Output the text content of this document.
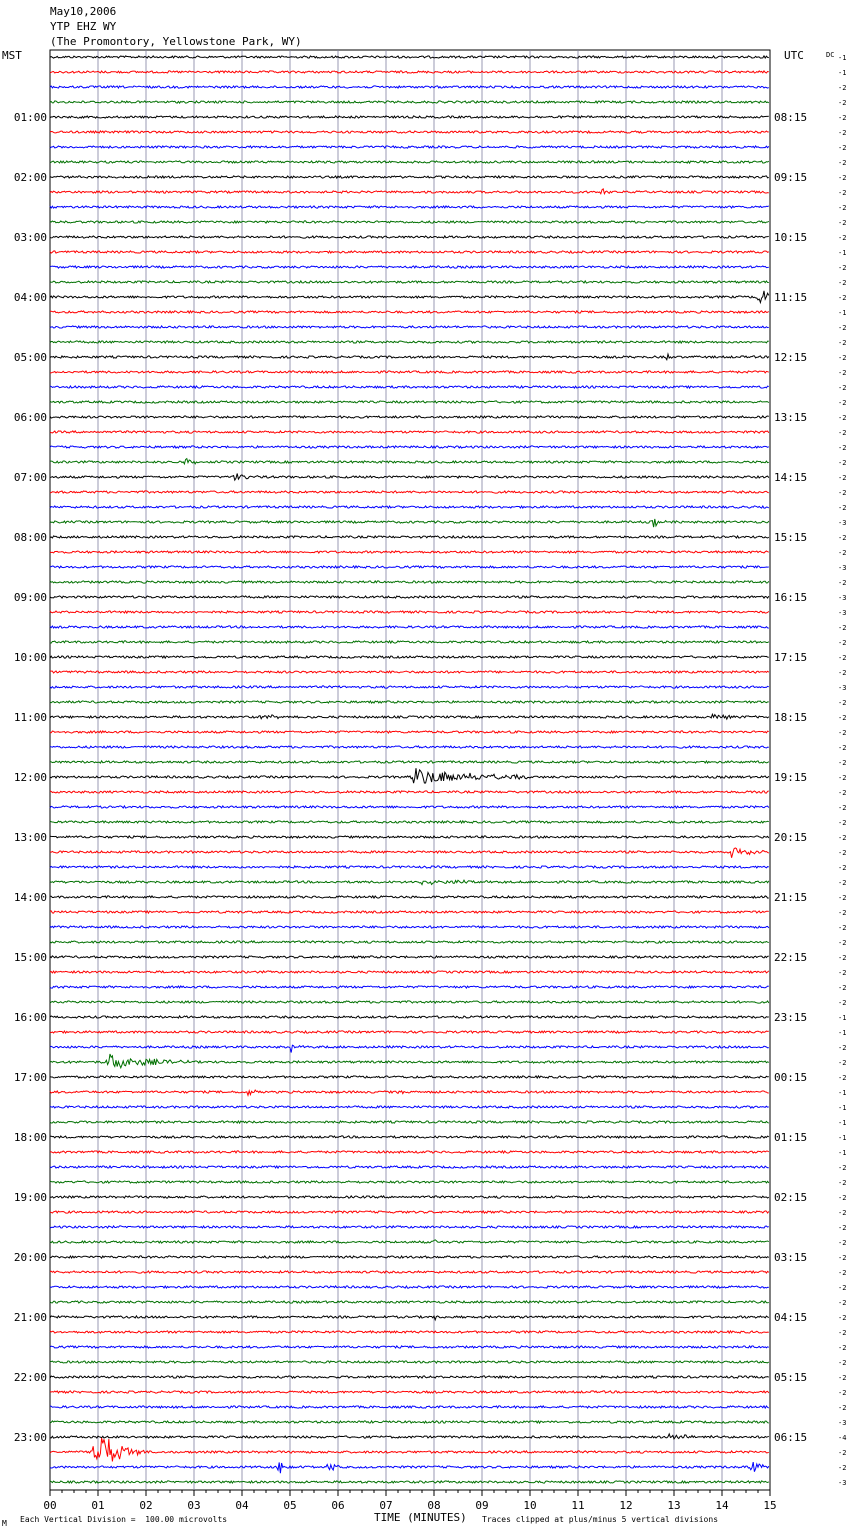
May10,2006
YTP EHZ WY
(The Promontory, Yellowstone Park, WY)
MST	UTC	DC
00	01	02	03	04	05	06	07	08	09	10	11	12	13	14	15
-1
-1
-2
-2
-2
01:00	08:15
-2
-2
-2
-2
02:00	09:15
-2
-2
-2
-2
03:00	10:15
-1
-2
-2
-2
04:00	11:15
-1
-2
-2
-2
05:00	12:15
-2
-2
-2
-2
06:00	13:15
-2
-2
-2
-2
07:00	14:15
-2
-2
-3
-2
08:00	15:15
-2
-3
-2
-3
09:00	16:15
-3
-2
-2
-2
10:00	17:15
-2
-3
-2
-2
11:00	18:15
-2
-2
-2
-2
12:00	19:15
-2
-2
-2
-2
13:00	20:15
-2
-2
-2
-2
14:00	21:15
-2
-2
-2
-2
15:00	22:15
-2
-2
-2
-1
16:00	23:15
-1
-2
-2
-2
17:00	00:15
-1
-1
-1
-1
18:00	01:15
-1
-2
-2
-2
19:00	02:15
-2
-2
-2
-2
20:00	03:15
-2
-2
-2
-2
21:00	04:15
-2
-2
-2
-2
22:00	05:15
-2
-2
-3
-4
23:00	06:15
-2
-2
-3
M Each Vertical Division =  100.00 microvolts	TIME (MINUTES) Traces clipped at plus/minus 5 vertical divisions
